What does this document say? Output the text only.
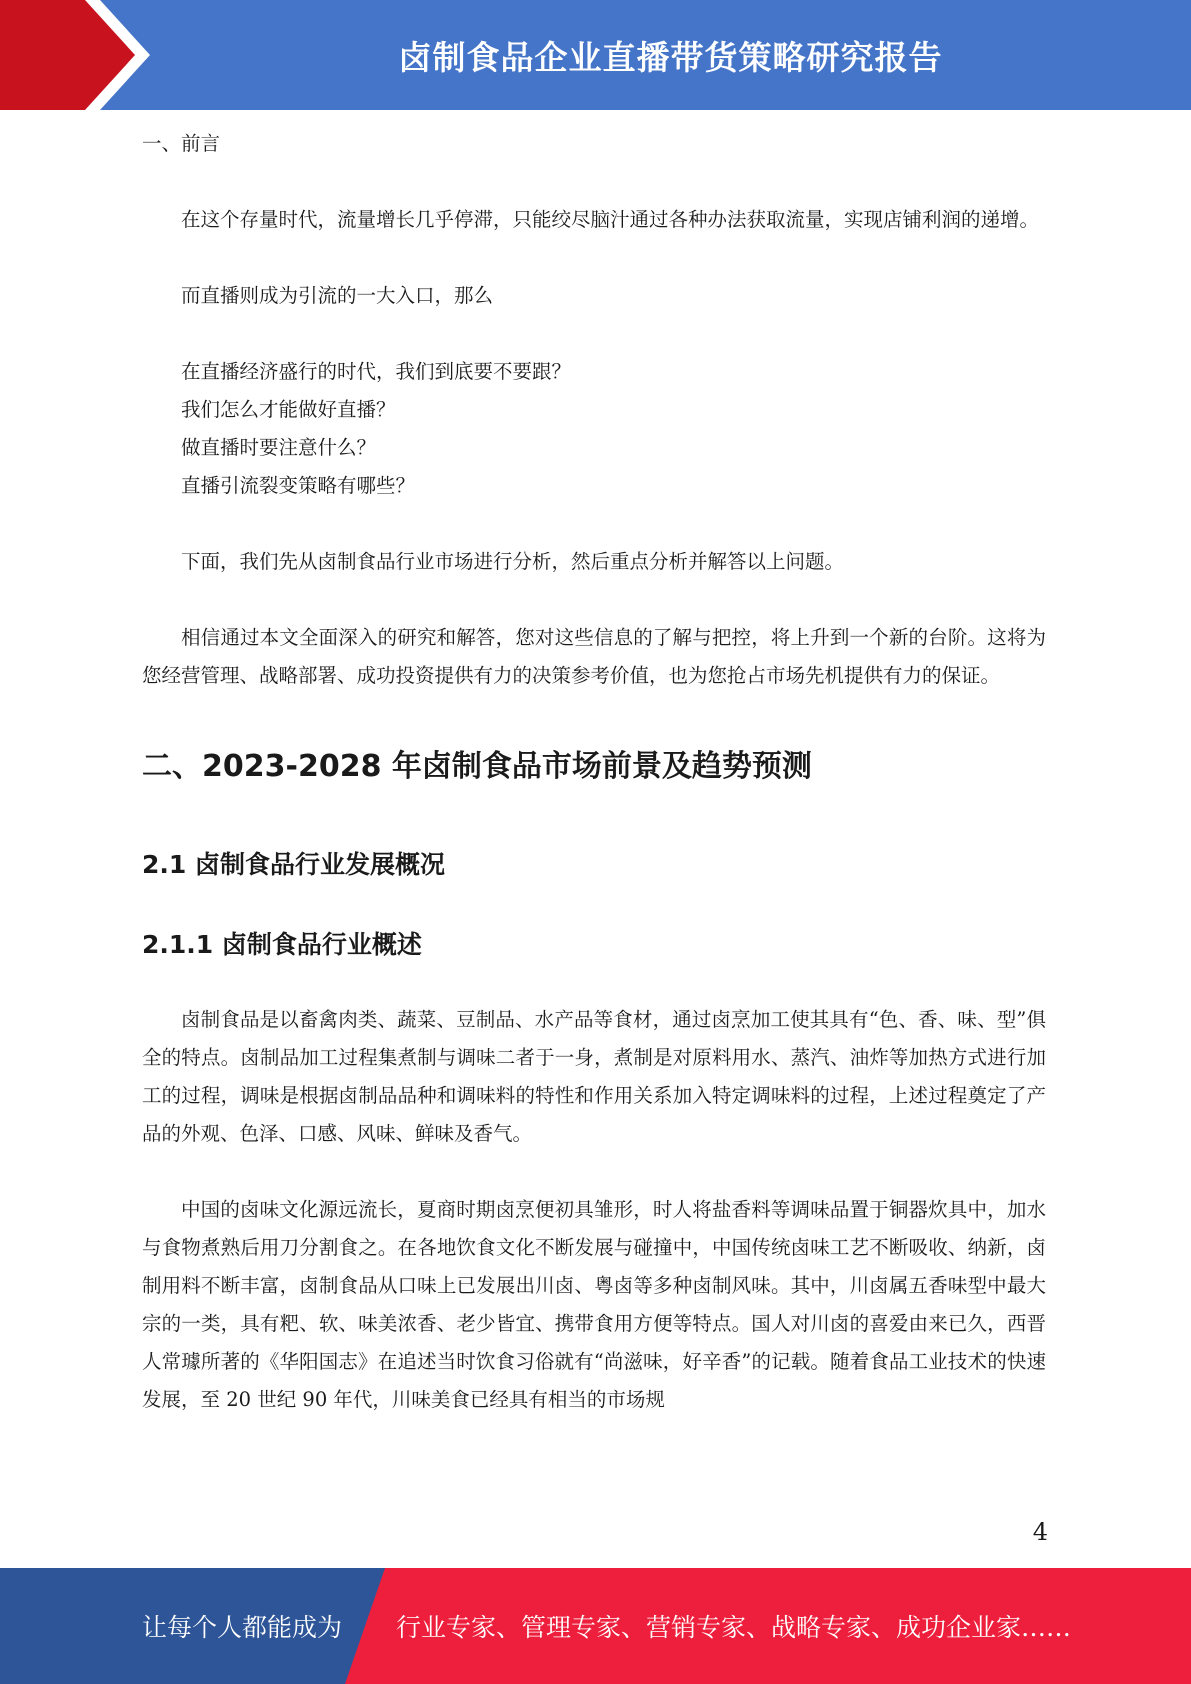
卤制食品企业直播带货策略研究报告

一、前言

在这个存量时代，流量增长几乎停滞，只能绞尽脑汁通过各种办法获取流量，实现店铺利润的递增。

而直播则成为引流的一大入口，那么

在直播经济盛行的时代，我们到底要不要跟？

我们怎么才能做好直播？

做直播时要注意什么？

直播引流裂变策略有哪些？

下面，我们先从卤制食品行业市场进行分析，然后重点分析并解答以上问题。

相信通过本文全面深入的研究和解答，您对这些信息的了解与把控，将上升到一个新的台阶。这将为您经营管理、战略部署、成功投资提供有力的决策参考价值，也为您抢占市场先机提供有力的保证。

二、2023-2028 年卤制食品市场前景及趋势预测
2.1 卤制食品行业发展概况
2.1.1 卤制食品行业概述

卤制食品是以畜禽肉类、蔬菜、豆制品、水产品等食材，通过卤烹加工使其具有“色、香、味、型”俱全的特点。卤制品加工过程集煮制与调味二者于一身，煮制是对原料用水、蒸汽、油炸等加热方式进行加工的过程，调味是根据卤制品品种和调味料的特性和作用关系加入特定调味料的过程，上述过程奠定了产品的外观、色泽、口感、风味、鲜味及香气。

中国的卤味文化源远流长，夏商时期卤烹便初具雏形，时人将盐香料等调味品置于铜器炊具中，加水与食物煮熟后用刀分割食之。在各地饮食文化不断发展与碰撞中，中国传统卤味工艺不断吸收、纳新，卤制用料不断丰富，卤制食品从口味上已发展出川卤、粤卤等多种卤制风味。其中，川卤属五香味型中最大宗的一类，具有粑、软、味美浓香、老少皆宜、携带食用方便等特点。国人对川卤的喜爱由来已久，西晋人常璩所著的《华阳国志》在追述当时饮食习俗就有“尚滋味，好辛香”的记载。随着食品工业技术的快速发展，至 20 世纪 90 年代，川味美食已经具有相当的市场规

4
让每个人都能成为 行业专家、管理专家、营销专家、战略专家、成功企业家……
